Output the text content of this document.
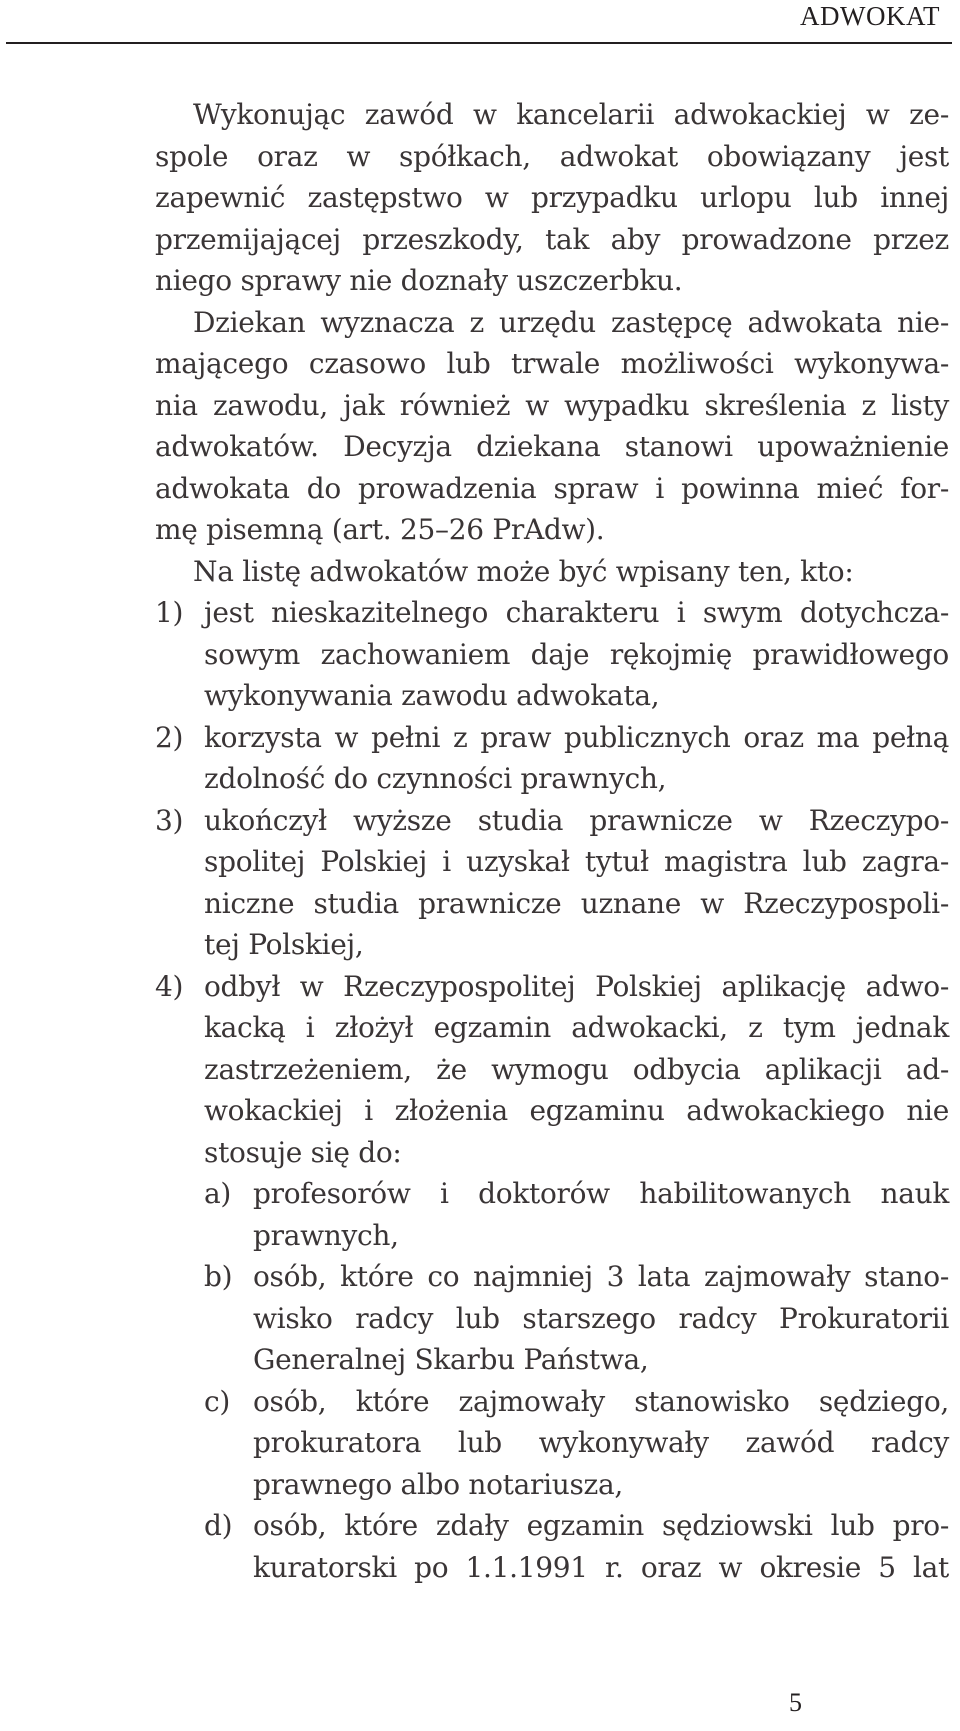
ADWOKAT
Wykonując zawód w kancelarii adwokackiej w ze-
spole oraz w spółkach, adwokat obowiązany jest
zapewnić zastępstwo w przypadku urlopu lub innej
przemijającej przeszkody, tak aby prowadzone przez
niego sprawy nie doznały uszczerbku.
Dziekan wyznacza z urzędu zastępcę adwokata nie-
mającego czasowo lub trwale możliwości wykonywa-
nia zawodu, jak również w wypadku skreślenia z listy
adwokatów. Decyzja dziekana stanowi upoważnienie
adwokata do prowadzenia spraw i powinna mieć for-
mę pisemną (art. 25–26 PrAdw).
Na listę adwokatów może być wpisany ten, kto:
1) jest nieskazitelnego charakteru i swym dotychcza-
sowym zachowaniem daje rękojmię prawidłowego
wykonywania zawodu adwokata,
2) korzysta w pełni z praw publicznych oraz ma pełną
zdolność do czynności prawnych,
3) ukończył wyższe studia prawnicze w Rzeczypo-
spolitej Polskiej i uzyskał tytuł magistra lub zagra-
niczne studia prawnicze uznane w Rzeczypospoli-
tej Polskiej,
4) odbył w Rzeczypospolitej Polskiej aplikację adwo-
kacką i złożył egzamin adwokacki, z tym jednak
zastrzeżeniem, że wymogu odbycia aplikacji ad-
wokackiej i złożenia egzaminu adwokackiego nie
stosuje się do:
a) profesorów i doktorów habilitowanych nauk
prawnych,
b) osób, które co najmniej 3 lata zajmowały stano-
wisko radcy lub starszego radcy Prokuratorii
Generalnej Skarbu Państwa,
c) osób, które zajmowały stanowisko sędziego,
prokuratora lub wykonywały zawód radcy
prawnego albo notariusza,
d) osób, które zdały egzamin sędziowski lub pro-
kuratorski po 1.1.1991 r. oraz w okresie 5 lat
5
